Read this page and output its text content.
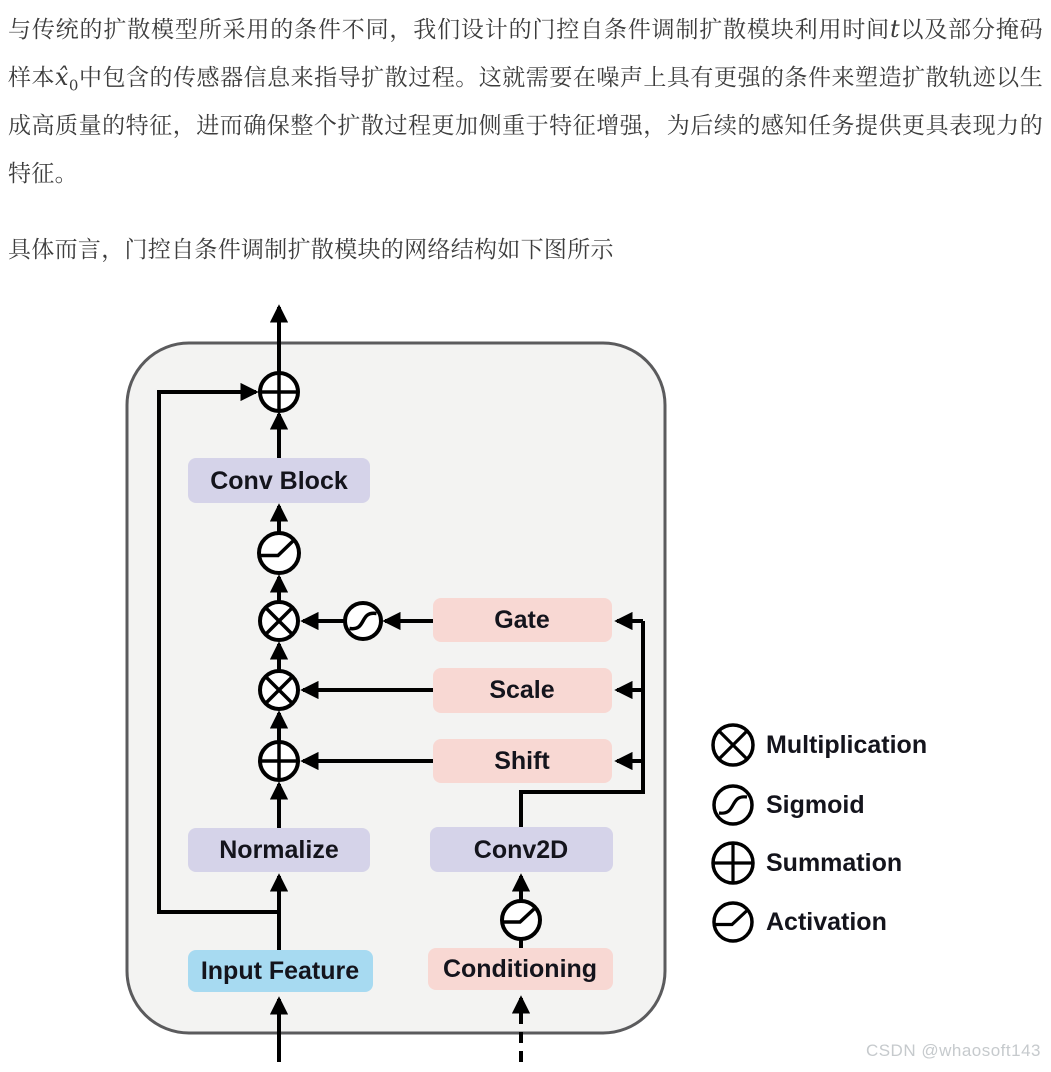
与传统的扩散模型所采用的条件不同，我们设计的门控自条件调制扩散模块利用时间t以及部分掩码样本$x̂_0$中包含的传感器信息来指导扩散过程。这就需要在噪声上具有更强的条件来塑造扩散轨迹以生成高质量的特征，进而确保整个扩散过程更加侧重于特征增强，为后续的感知任务提供更具表现力的特征。

具体而言，门控自条件调制扩散模块的网络结构如下图所示

Conv Block
Normalize
Input Feature
Gate
Scale
Shift
Conv2D
Conditioning
Multiplication
Sigmoid
Summation
Activation
CSDN @whaosoft143
